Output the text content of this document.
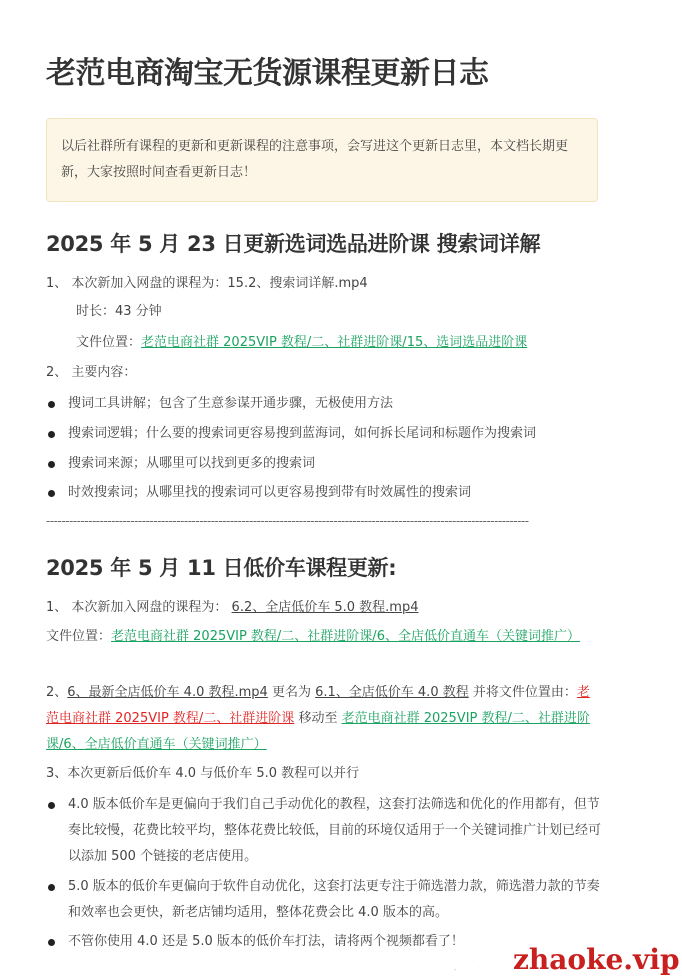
老范电商淘宝无货源课程更新日志
以后社群所有课程的更新和更新课程的注意事项，会写进这个更新日志里，本文档长期更新，大家按照时间查看更新日志！
2025 年 5 月 23 日更新选词选品进阶课 搜索词详解
1、 本次新加入网盘的课程为：15.2、搜索词详解.mp4
时长：43 分钟
文件位置：老范电商社群 2025VIP 教程/二、社群进阶课/15、选词选品进阶课
2、 主要内容：
搜词工具讲解；包含了生意参谋开通步骤，无极使用方法
搜索词逻辑；什么要的搜索词更容易搜到蓝海词，如何拆长尾词和标题作为搜索词
搜索词来源；从哪里可以找到更多的搜索词
时效搜索词；从哪里找的搜索词可以更容易搜到带有时效属性的搜索词
------------------------------------------------------------------------------------------------------------------------------
2025 年 5 月 11 日低价车课程更新:
1、 本次新加入网盘的课程为： 6.2、全店低价车 5.0 教程.mp4
文件位置：老范电商社群 2025VIP 教程/二、社群进阶课/6、全店低价直通车（关键词推广）
2、6、最新全店低价车 4.0 教程.mp4 更名为 6.1、全店低价车 4.0 教程 并将文件位置由：老范电商社群 2025VIP 教程/二、社群进阶课 移动至 老范电商社群 2025VIP 教程/二、社群进阶课/6、全店低价直通车（关键词推广）
3、本次更新后低价车 4.0 与低价车 5.0 教程可以并行
4.0 版本低价车是更偏向于我们自己手动优化的教程，这套打法筛选和优化的作用都有，但节奏比较慢，花费比较平均，整体花费比较低，目前的环境仅适用于一个关键词推广计划已经可以添加 500 个链接的老店使用。
5.0 版本的低价车更偏向于软件自动优化，这套打法更专注于筛选潜力款，筛选潜力款的节奏和效率也会更快，新老店铺均适用，整体花费会比 4.0 版本的高。
不管你使用 4.0 还是 5.0 版本的低价车打法，请将两个视频都看了！
找课网 zhaoke.vip
